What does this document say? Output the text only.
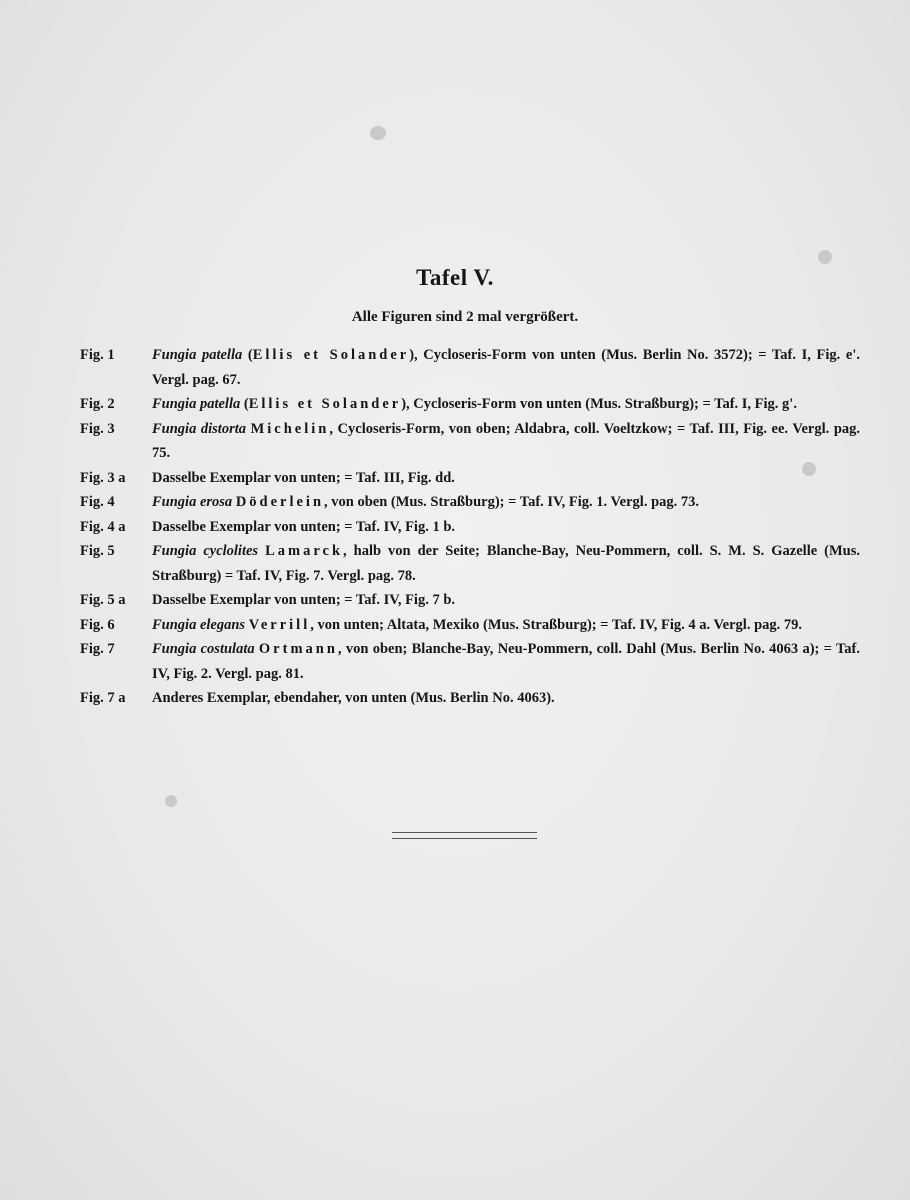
Tafel V.
Alle Figuren sind 2 mal vergrößert.
Fig. 1	Fungia patella (Ellis et Solander), Cycloseris-Form von unten (Mus. Berlin No. 3572); = Taf. I, Fig. e'. Vergl. pag. 67.
Fig. 2	Fungia patella (Ellis et Solander), Cycloseris-Form von unten (Mus. Straßburg); = Taf. I, Fig. g'.
Fig. 3	Fungia distorta Michelin, Cycloseris-Form, von oben; Aldabra, coll. Voeltzkow; = Taf. III, Fig. ee. Vergl. pag. 75.
Fig. 3 a	Dasselbe Exemplar von unten; = Taf. III, Fig. dd.
Fig. 4	Fungia erosa Döderlein, von oben (Mus. Straßburg); = Taf. IV, Fig. 1. Vergl. pag. 73.
Fig. 4 a	Dasselbe Exemplar von unten; = Taf. IV, Fig. 1 b.
Fig. 5	Fungia cyclolites Lamarck, halb von der Seite; Blanche-Bay, Neu-Pommern, coll. S. M. S. Gazelle (Mus. Straßburg) = Taf. IV, Fig. 7. Vergl. pag. 78.
Fig. 5 a	Dasselbe Exemplar von unten; = Taf. IV, Fig. 7 b.
Fig. 6	Fungia elegans Verrill, von unten; Altata, Mexiko (Mus. Straßburg); = Taf. IV, Fig. 4 a. Vergl. pag. 79.
Fig. 7	Fungia costulata Ortmann, von oben; Blanche-Bay, Neu-Pommern, coll. Dahl (Mus. Berlin No. 4063 a); = Taf. IV, Fig. 2. Vergl. pag. 81.
Fig. 7 a	Anderes Exemplar, ebendaher, von unten (Mus. Berlin No. 4063).
